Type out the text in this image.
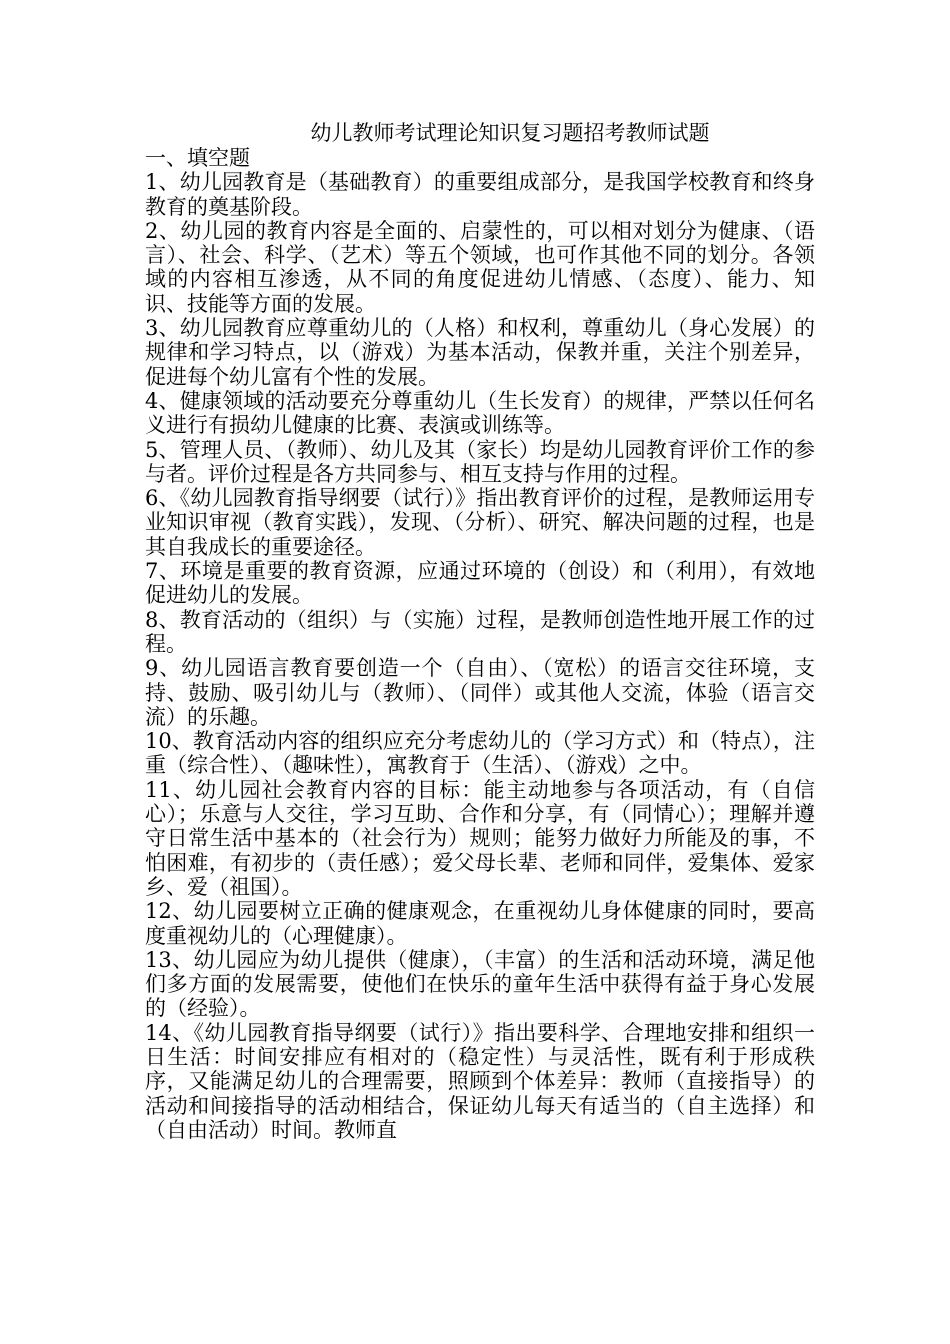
幼儿教师考试理论知识复习题招考教师试题

一、填空题

1、幼儿园教育是（基础教育）的重要组成部分，是我国学校教育和终身教育的奠基阶段。

2、幼儿园的教育内容是全面的、启蒙性的，可以相对划分为健康、（语言）、社会、科学、（艺术）等五个领域，也可作其他不同的划分。各领域的内容相互渗透，从不同的角度促进幼儿情感、（态度）、能力、知识、技能等方面的发展。

3、幼儿园教育应尊重幼儿的（人格）和权利，尊重幼儿（身心发展）的规律和学习特点，以（游戏）为基本活动，保教并重，关注个别差异，促进每个幼儿富有个性的发展。

4、健康领域的活动要充分尊重幼儿（生长发育）的规律，严禁以任何名义进行有损幼儿健康的比赛、表演或训练等。

5、管理人员、（教师）、幼儿及其（家长）均是幼儿园教育评价工作的参与者。评价过程是各方共同参与、相互支持与作用的过程。

6、《幼儿园教育指导纲要（试行）》指出教育评价的过程，是教师运用专业知识审视（教育实践），发现、（分析）、研究、解决问题的过程，也是其自我成长的重要途径。

7、环境是重要的教育资源，应通过环境的（创设）和（利用），有效地促进幼儿的发展。

8、教育活动的（组织）与（实施）过程，是教师创造性地开展工作的过程。

9、幼儿园语言教育要创造一个（自由）、（宽松）的语言交往环境，支持、鼓励、吸引幼儿与（教师）、（同伴）或其他人交流，体验（语言交流）的乐趣。

10、教育活动内容的组织应充分考虑幼儿的（学习方式）和（特点），注重（综合性）、（趣味性），寓教育于（生活）、（游戏）之中。

11、幼儿园社会教育内容的目标：能主动地参与各项活动，有（自信心）；乐意与人交往，学习互助、合作和分享，有（同情心）；理解并遵守日常生活中基本的（社会行为）规则；能努力做好力所能及的事，不怕困难，有初步的（责任感）；爱父母长辈、老师和同伴，爱集体、爱家乡、爱（祖国）。

12、幼儿园要树立正确的健康观念，在重视幼儿身体健康的同时，要高度重视幼儿的（心理健康）。

13、幼儿园应为幼儿提供（健康），（丰富）的生活和活动环境，满足他们多方面的发展需要，使他们在快乐的童年生活中获得有益于身心发展的（经验）。

14、《幼儿园教育指导纲要（试行）》指出要科学、合理地安排和组织一日生活：时间安排应有相对的（稳定性）与灵活性，既有利于形成秩序，又能满足幼儿的合理需要，照顾到个体差异：教师（直接指导）的活动和间接指导的活动相结合，保证幼儿每天有适当的（自主选择）和（自由活动）时间。教师直
